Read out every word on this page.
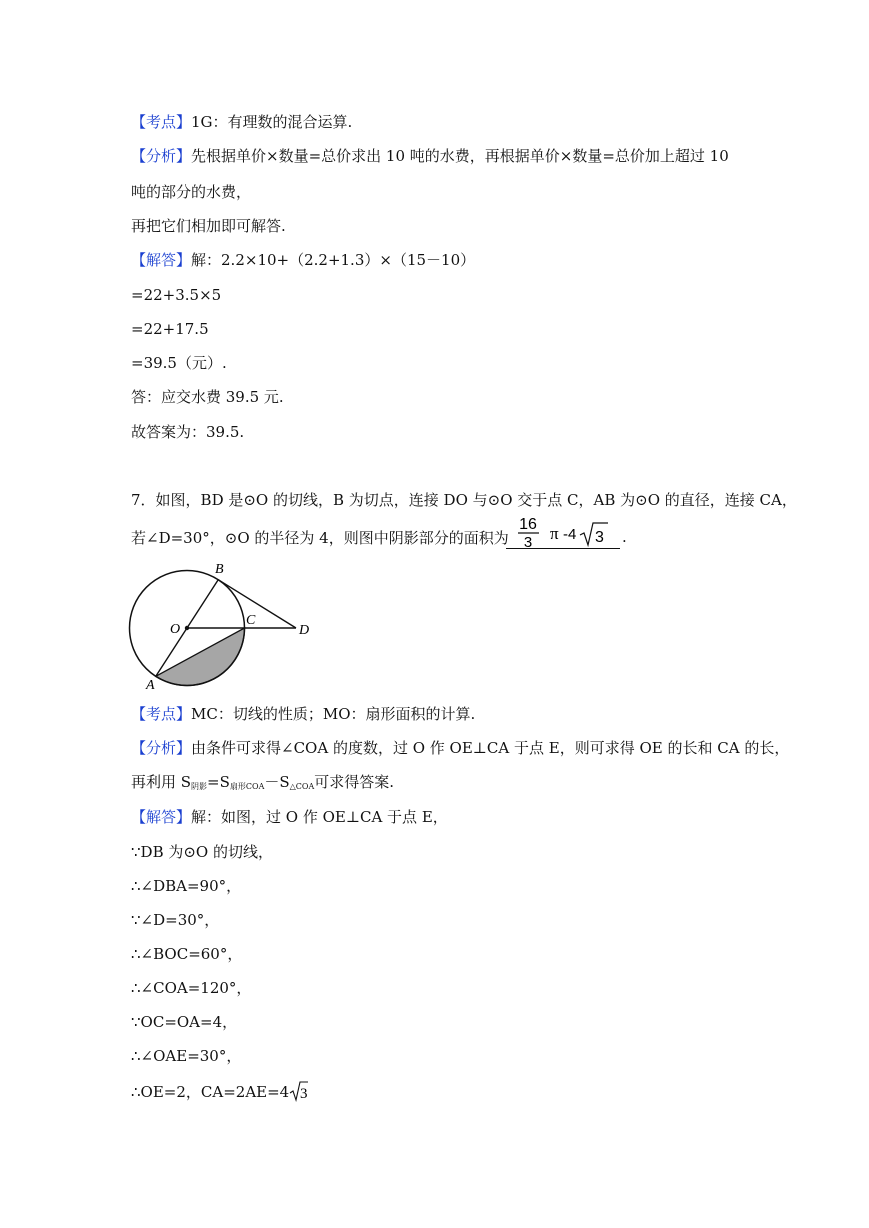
【考点】1G：有理数的混合运算.
【分析】先根据单价×数量=总价求出 10 吨的水费，再根据单价×数量=总价加上超过 10
吨的部分的水费，
再把它们相加即可解答.
【解答】解：2.2×10+（2.2+1.3）×（15－10）
=22+3.5×5
=22+17.5
=39.5（元）.
答：应交水费 39.5 元.
故答案为：39.5.
7．如图，BD 是⊙O 的切线，B 为切点，连接 DO 与⊙O 交于点 C，AB 为⊙O 的直径，连接 CA，
若∠D=30°，⊙O 的半径为 4，则图中阴影部分的面积为
16
3 π -4 3 .
B
O
C
D
A
【考点】MC：切线的性质；MO：扇形面积的计算.
【分析】由条件可求得∠COA 的度数，过 O 作 OE⊥CA 于点 E，则可求得 OE 的长和 CA 的长，
再利用 $S_{阴影}=S_{扇形COA}-S_{\triangle COA}$可求得答案.
【解答】解：如图，过 O 作 OE⊥CA 于点 E，
∵DB 为⊙O 的切线，
∴∠DBA=90°，
∵∠D=30°，
∴∠BOC=60°，
∴∠COA=120°，
∵OC=OA=4，
∴∠OAE=30°，
∴OE=2，CA=2AE=4 3
